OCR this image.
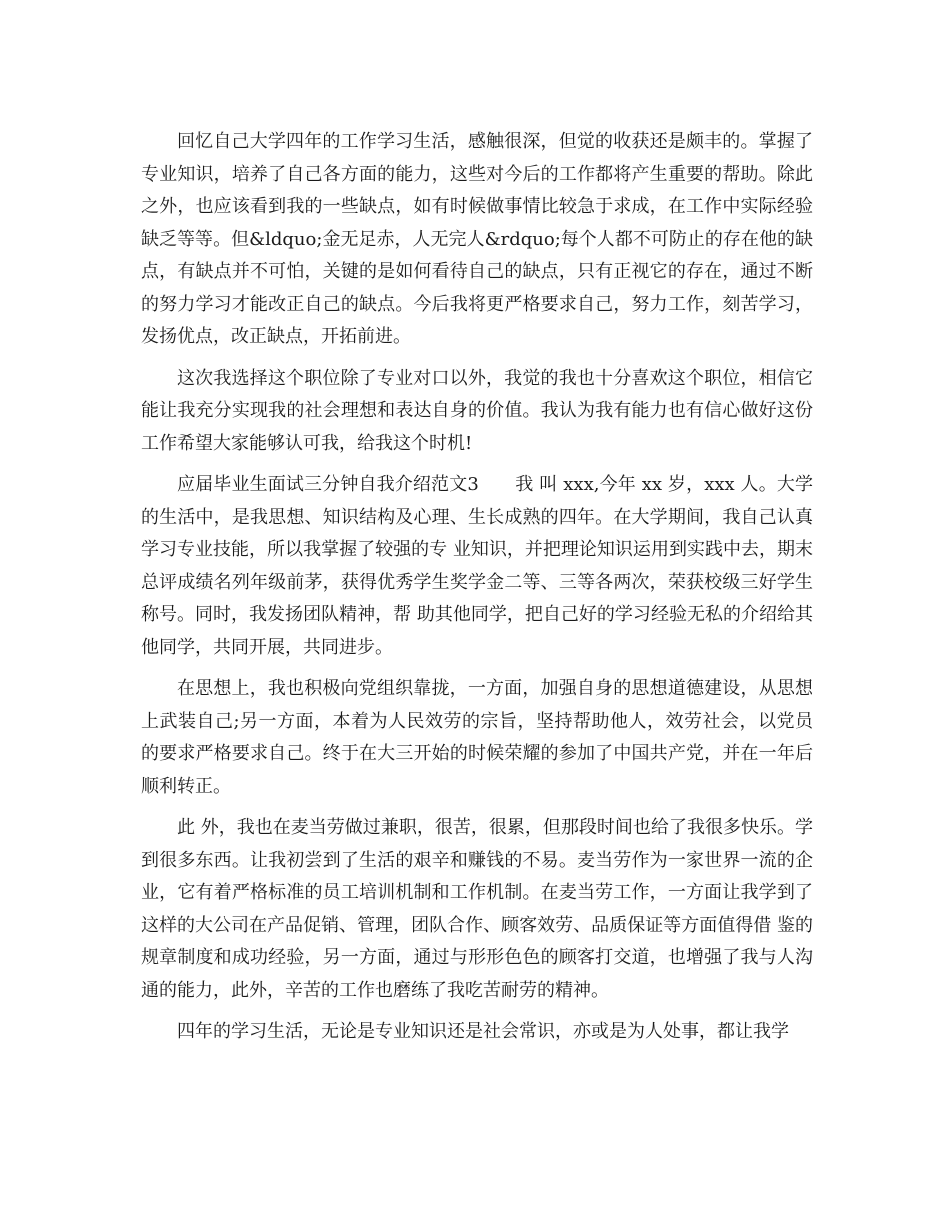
回忆自己大学四年的工作学习生活，感触很深，但觉的收获还是颇丰的。掌握了专业知识，培养了自己各方面的能力，这些对今后的工作都将产生重要的帮助。除此之外，也应该看到我的一些缺点，如有时候做事情比较急于求成，在工作中实际经验缺乏等等。但&ldquo;金无足赤，人无完人&rdquo;每个人都不可防止的存在他的缺点，有缺点并不可怕，关键的是如何看待自己的缺点，只有正视它的存在，通过不断的努力学习才能改正自己的缺点。今后我将更严格要求自己，努力工作，刻苦学习，发扬优点，改正缺点，开拓前进。

这次我选择这个职位除了专业对口以外，我觉的我也十分喜欢这个职位，相信它能让我充分实现我的社会理想和表达自身的价值。我认为我有能力也有信心做好这份工作希望大家能够认可我，给我这个时机!

应届毕业生面试三分钟自我介绍范文3　　我 叫 xxx,今年 xx 岁，xxx 人。大学的生活中，是我思想、知识结构及心理、生长成熟的四年。在大学期间，我自己认真学习专业技能，所以我掌握了较强的专 业知识，并把理论知识运用到实践中去，期末总评成绩名列年级前茅，获得优秀学生奖学金二等、三等各两次，荣获校级三好学生称号。同时，我发扬团队精神，帮 助其他同学，把自己好的学习经验无私的介绍给其他同学，共同开展，共同进步。

在思想上，我也积极向党组织靠拢，一方面，加强自身的思想道德建设，从思想上武装自己;另一方面，本着为人民效劳的宗旨，坚持帮助他人，效劳社会，以党员的要求严格要求自己。终于在大三开始的时候荣耀的参加了中国共产党，并在一年后顺利转正。

此 外，我也在麦当劳做过兼职，很苦，很累，但那段时间也给了我很多快乐。学到很多东西。让我初尝到了生活的艰辛和赚钱的不易。麦当劳作为一家世界一流的企 业，它有着严格标准的员工培训机制和工作机制。在麦当劳工作，一方面让我学到了这样的大公司在产品促销、管理，团队合作、顾客效劳、品质保证等方面值得借 鉴的规章制度和成功经验，另一方面，通过与形形色色的顾客打交道，也增强了我与人沟通的能力，此外，辛苦的工作也磨练了我吃苦耐劳的精神。

四年的学习生活，无论是专业知识还是社会常识，亦或是为人处事，都让我学
